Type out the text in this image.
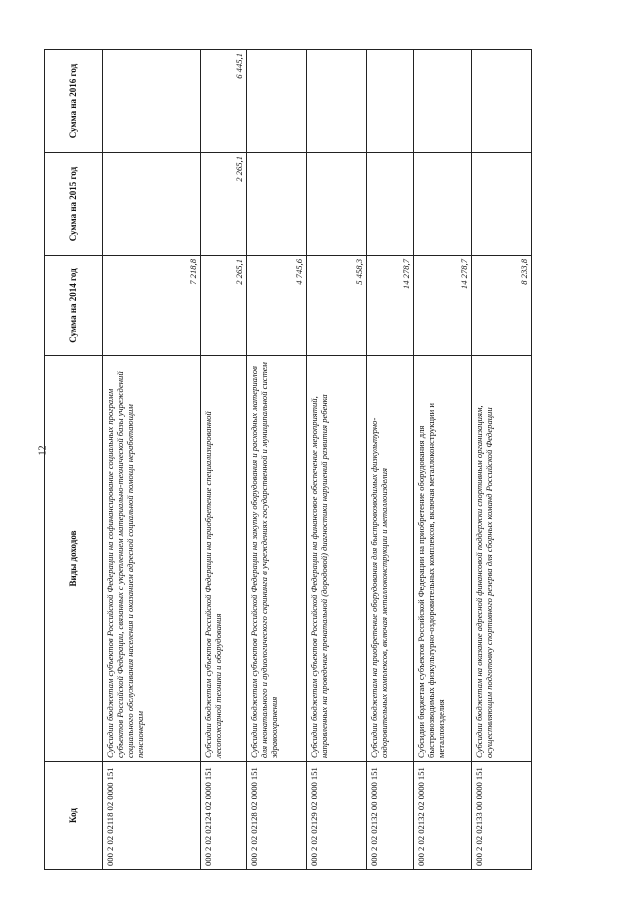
12
Код	Виды доходов	Сумма на 2014 год	Сумма на 2015 год	Сумма на 2016 год
000 2 02 02118 02 0000 151	Субсидии бюджетам субъектов Российской Федерации на софинансирование социальных программ субъектов Российской Федерации, связанных с укреплением материально-технической базы учреждений социального обслуживания населения и оказанием адресной социальной помощи неработающим пенсионерам	7 218,8		
000 2 02 02124 02 0000 151	Субсидии бюджетам субъектов Российской Федерации на приобретение специализированной лесопожарной техники и оборудования	2 265,1	2 265,1	6 445,1
000 2 02 02128 02 0000 151	Субсидии бюджетам субъектов Российской Федерации на закупку оборудования и расходных материалов для неонатального и аудиологического скрининга в учреждениях государственной и муниципальной систем здравоохранения	4 745,6		
000 2 02 02129 02 0000 151	Субсидии бюджетам субъектов Российской Федерации на финансовое обеспечение мероприятий, направленных на проведение пренатальной (дородовой) диагностики нарушений развития ребенка	5 458,3		
000 2 02 02132 00 0000 151	Субсидии бюджетам на приобретение оборудования для быстровозводимых физкультурно-оздоровительных комплексов, включая металлоконструкции и металлоизделия	14 278,7		
000 2 02 02132 02 0000 151	Субсидии бюджетам субъектов Российской Федерации на приобретение оборудования для быстровозводимых физкультурно-оздоровительных комплексов, включая металлоконструкции и металлоизделия	14 278,7		
000 2 02 02133 00 0000 151	Субсидии бюджетам на оказание адресной финансовой поддержки спортивным организациям, осуществляющим подготовку спортивного резерва для сборных команд Российской Федерации	8 233,8		
